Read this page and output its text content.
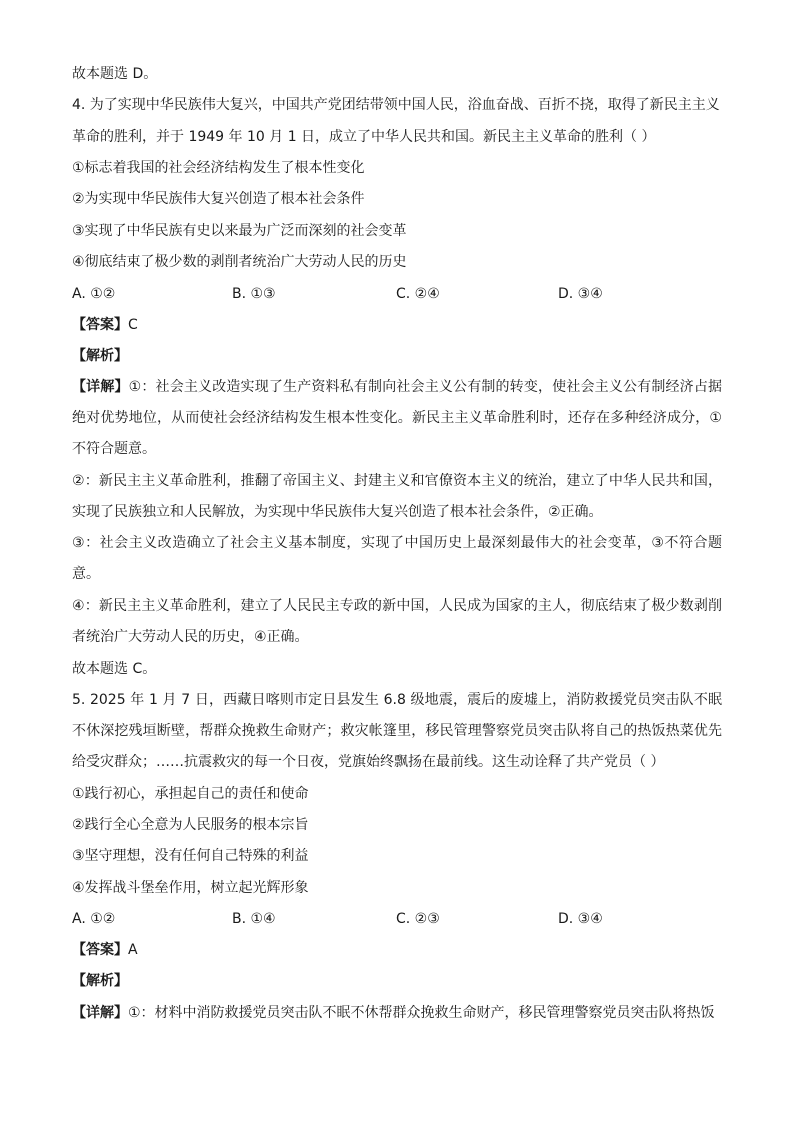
故本题选 D。
4. 为了实现中华民族伟大复兴，中国共产党团结带领中国人民，浴血奋战、百折不挠，取得了新民主主义
革命的胜利，并于 1949 年 10 月 1 日，成立了中华人民共和国。新民主主义革命的胜利（ ）
①标志着我国的社会经济结构发生了根本性变化
②为实现中华民族伟大复兴创造了根本社会条件
③实现了中华民族有史以来最为广泛而深刻的社会变革
④彻底结束了极少数的剥削者统治广大劳动人民的历史
A. ①②	B. ①③	C. ②④	D. ③④
【答案】C
【解析】
【详解】①：社会主义改造实现了生产资料私有制向社会主义公有制的转变，使社会主义公有制经济占据绝对优势地位，从而使社会经济结构发生根本性变化。新民主主义革命胜利时，还存在多种经济成分，①不符合题意。
②：新民主主义革命胜利，推翻了帝国主义、封建主义和官僚资本主义的统治，建立了中华人民共和国，实现了民族独立和人民解放，为实现中华民族伟大复兴创造了根本社会条件，②正确。
③：社会主义改造确立了社会主义基本制度，实现了中国历史上最深刻最伟大的社会变革，③不符合题意。
④：新民主主义革命胜利，建立了人民民主专政的新中国，人民成为国家的主人，彻底结束了极少数剥削者统治广大劳动人民的历史，④正确。
故本题选 C。
5. 2025 年 1 月 7 日，西藏日喀则市定日县发生 6.8 级地震，震后的废墟上，消防救援党员突击队不眠不休深挖残垣断壁，帮群众挽救生命财产；救灾帐篷里，移民管理警察党员突击队将自己的热饭热菜优先给受灾群众；……抗震救灾的每一个日夜，党旗始终飘扬在最前线。这生动诠释了共产党员（ ）
①践行初心，承担起自己的责任和使命
②践行全心全意为人民服务的根本宗旨
③坚守理想，没有任何自己特殊的利益
④发挥战斗堡垒作用，树立起光辉形象
A. ①②	B. ①④	C. ②③	D. ③④
【答案】A
【解析】
【详解】①：材料中消防救援党员突击队不眠不休帮群众挽救生命财产，移民管理警察党员突击队将热饭
